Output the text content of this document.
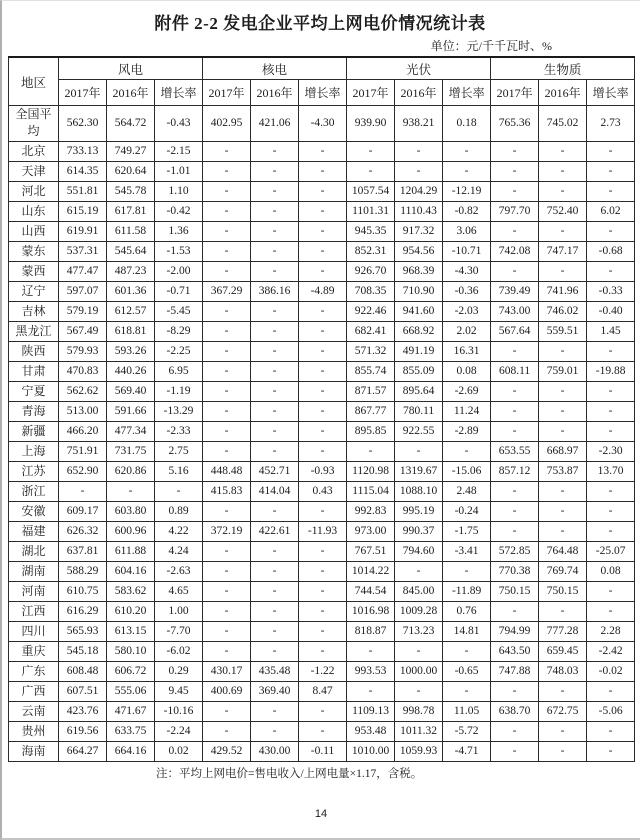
附件 2-2 发电企业平均上网电价情况统计表
单位：元/千千瓦时、%
地区	风电			核电			光伏			生物质		
	2017年	2016年	增长率	2017年	2016年	增长率	2017年	2016年	增长率	2017年	2016年	增长率
全国平均	562.30	564.72	-0.43	402.95	421.06	-4.30	939.90	938.21	0.18	765.36	745.02	2.73
北京	733.13	749.27	-2.15	-	-	-	-	-	-	-	-	-
天津	614.35	620.64	-1.01	-	-	-	-	-	-	-	-	-
河北	551.81	545.78	1.10	-	-	-	1057.54	1204.29	-12.19	-	-	-
山东	615.19	617.81	-0.42	-	-	-	1101.31	1110.43	-0.82	797.70	752.40	6.02
山西	619.91	611.58	1.36	-	-	-	945.35	917.32	3.06	-	-	-
蒙东	537.31	545.64	-1.53	-	-	-	852.31	954.56	-10.71	742.08	747.17	-0.68
蒙西	477.47	487.23	-2.00	-	-	-	926.70	968.39	-4.30	-	-	-
辽宁	597.07	601.36	-0.71	367.29	386.16	-4.89	708.35	710.90	-0.36	739.49	741.96	-0.33
吉林	579.19	612.57	-5.45	-	-	-	922.46	941.60	-2.03	743.00	746.02	-0.40
黑龙江	567.49	618.81	-8.29	-	-	-	682.41	668.92	2.02	567.64	559.51	1.45
陕西	579.93	593.26	-2.25	-	-	-	571.32	491.19	16.31	-	-	-
甘肃	470.83	440.26	6.95	-	-	-	855.74	855.09	0.08	608.11	759.01	-19.88
宁夏	562.62	569.40	-1.19	-	-	-	871.57	895.64	-2.69	-	-	-
青海	513.00	591.66	-13.29	-	-	-	867.77	780.11	11.24	-	-	-
新疆	466.20	477.34	-2.33	-	-	-	895.85	922.55	-2.89	-	-	-
上海	751.91	731.75	2.75	-	-	-	-	-	-	653.55	668.97	-2.30
江苏	652.90	620.86	5.16	448.48	452.71	-0.93	1120.98	1319.67	-15.06	857.12	753.87	13.70
浙江	-	-	-	415.83	414.04	0.43	1115.04	1088.10	2.48	-	-	-
安徽	609.17	603.80	0.89	-	-	-	992.83	995.19	-0.24	-	-	-
福建	626.32	600.96	4.22	372.19	422.61	-11.93	973.00	990.37	-1.75	-	-	-
湖北	637.81	611.88	4.24	-	-	-	767.51	794.60	-3.41	572.85	764.48	-25.07
湖南	588.29	604.16	-2.63	-	-	-	1014.22	-	-	770.38	769.74	0.08
河南	610.75	583.62	4.65	-	-	-	744.54	845.00	-11.89	750.15	750.15	-
江西	616.29	610.20	1.00	-	-	-	1016.98	1009.28	0.76	-	-	-
四川	565.93	613.15	-7.70	-	-	-	818.87	713.23	14.81	794.99	777.28	2.28
重庆	545.18	580.10	-6.02	-	-	-	-	-	-	643.50	659.45	-2.42
广东	608.48	606.72	0.29	430.17	435.48	-1.22	993.53	1000.00	-0.65	747.88	748.03	-0.02
广西	607.51	555.06	9.45	400.69	369.40	8.47	-	-	-	-	-	-
云南	423.76	471.67	-10.16	-	-	-	1109.13	998.78	11.05	638.70	672.75	-5.06
贵州	619.56	633.75	-2.24	-	-	-	953.48	1011.32	-5.72	-	-	-
海南	664.27	664.16	0.02	429.52	430.00	-0.11	1010.00	1059.93	-4.71	-	-	-
注：平均上网电价=售电收入/上网电量×1.17，含税。
14
